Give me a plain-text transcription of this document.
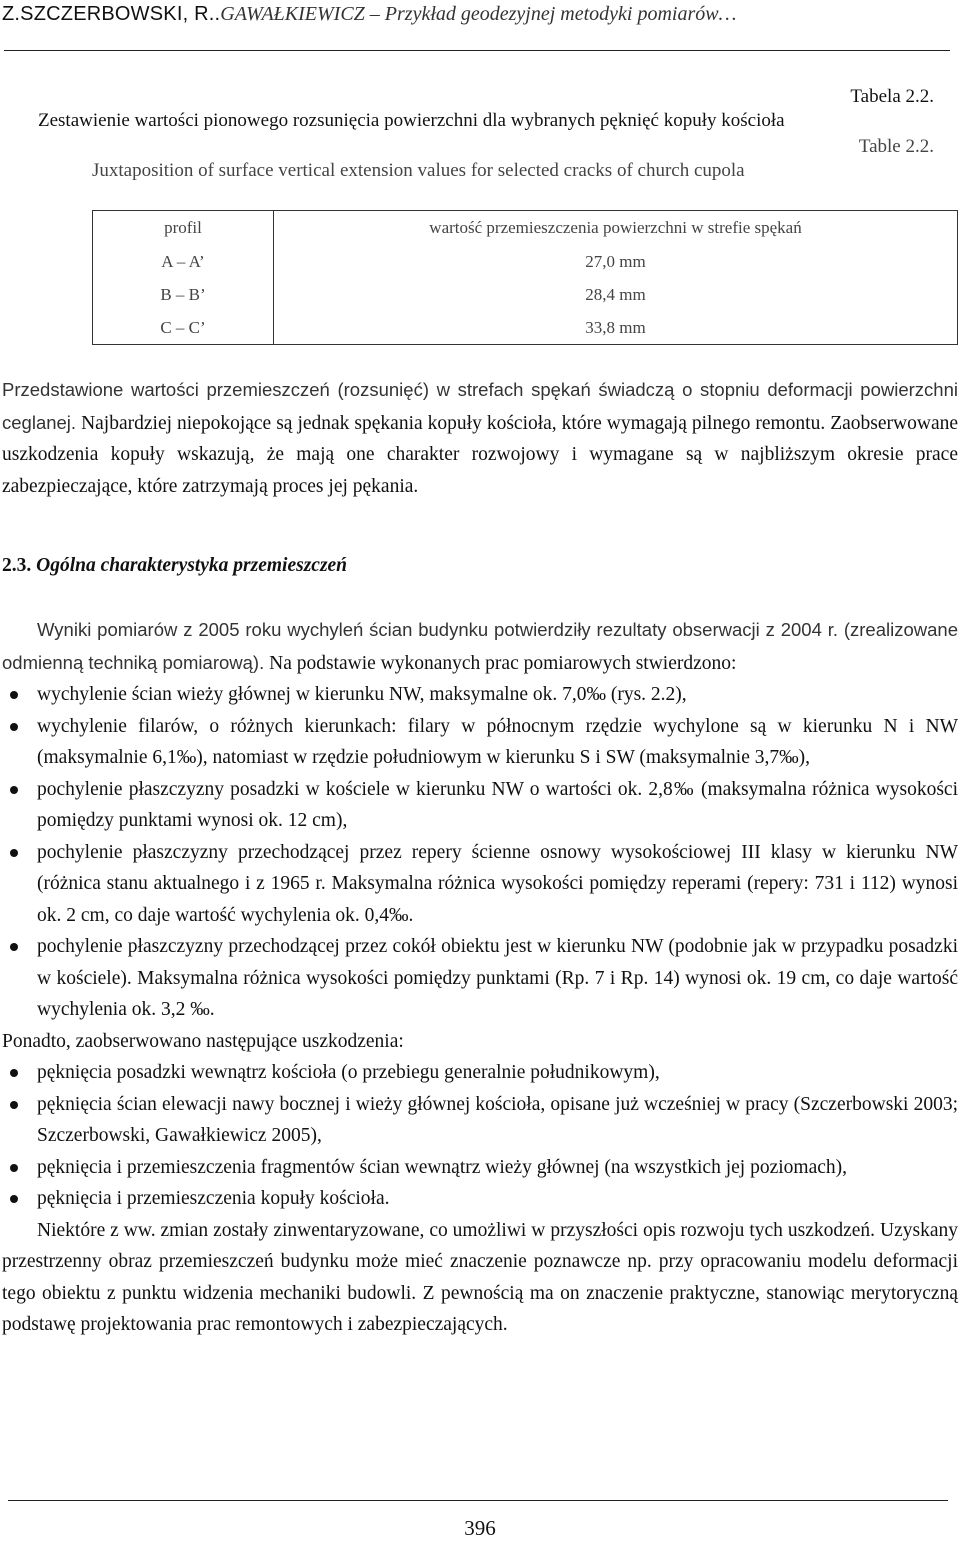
Z.SZCZERBOWSKI, R..GAWAŁKIEWICZ – Przykład geodezyjnej metodyki pomiarów…
Tabela 2.2.
Zestawienie wartości pionowego rozsunięcia powierzchni dla wybranych pęknięć kopuły kościoła
Table 2.2.
Juxtaposition of surface vertical extension values for selected cracks of church cupola
profil	wartość przemieszczenia powierzchni w strefie spękań
A – A’	27,0 mm
B – B’	28,4 mm
C – C’	33,8 mm
Przedstawione wartości przemieszczeń (rozsunięć) w strefach spękań świadczą o stopniu deformacji powierzchni ceglanej. Najbardziej niepokojące są jednak spękania kopuły kościoła, które wymagają pilnego remontu. Zaobserwowane uszkodzenia kopuły wskazują, że mają one charakter rozwojowy i wymagane są w najbliższym okresie prace zabezpieczające, które zatrzymają proces jej pękania.
2.3. Ogólna charakterystyka przemieszczeń
Wyniki pomiarów z 2005 roku wychyleń ścian budynku potwierdziły rezultaty obserwacji z 2004 r. (zrealizowane odmienną techniką pomiarową). Na podstawie wykonanych prac pomiarowych stwierdzono:
wychylenie ścian wieży głównej w kierunku NW, maksymalne ok. 7,0‰ (rys. 2.2),
wychylenie filarów, o różnych kierunkach: filary w północnym rzędzie wychylone są w kierunku N i NW (maksymalnie 6,1‰), natomiast w rzędzie południowym w kierunku S i SW (maksymalnie 3,7‰),
pochylenie płaszczyzny posadzki w kościele w kierunku NW o wartości ok. 2,8‰ (maksymalna różnica wysokości pomiędzy punktami wynosi ok. 12 cm),
pochylenie płaszczyzny przechodzącej przez repery ścienne osnowy wysokościowej III klasy w kierunku NW (różnica stanu aktualnego i z 1965 r. Maksymalna różnica wysokości pomiędzy reperami (repery: 731 i 112) wynosi ok. 2 cm, co daje wartość wychylenia ok. 0,4‰.
pochylenie płaszczyzny przechodzącej przez cokół obiektu jest w kierunku NW (podobnie jak w przypadku posadzki w kościele). Maksymalna różnica wysokości pomiędzy punktami (Rp. 7 i Rp. 14) wynosi ok. 19 cm, co daje wartość wychylenia ok. 3,2 ‰.
Ponadto, zaobserwowano następujące uszkodzenia:
pęknięcia posadzki wewnątrz kościoła (o przebiegu generalnie południkowym),
pęknięcia ścian elewacji nawy bocznej i wieży głównej kościoła, opisane już wcześniej w pracy (Szczerbowski 2003; Szczerbowski, Gawałkiewicz 2005),
pęknięcia i przemieszczenia fragmentów ścian wewnątrz wieży głównej (na wszystkich jej poziomach),
pęknięcia i przemieszczenia kopuły kościoła.
Niektóre z ww. zmian zostały zinwentaryzowane, co umożliwi w przyszłości opis rozwoju tych uszkodzeń. Uzyskany przestrzenny obraz przemieszczeń budynku może mieć znaczenie poznawcze np. przy opracowaniu modelu deformacji tego obiektu z punktu widzenia mechaniki budowli. Z pewnością ma on znaczenie praktyczne, stanowiąc merytoryczną podstawę projektowania prac remontowych i zabezpieczających.
396
